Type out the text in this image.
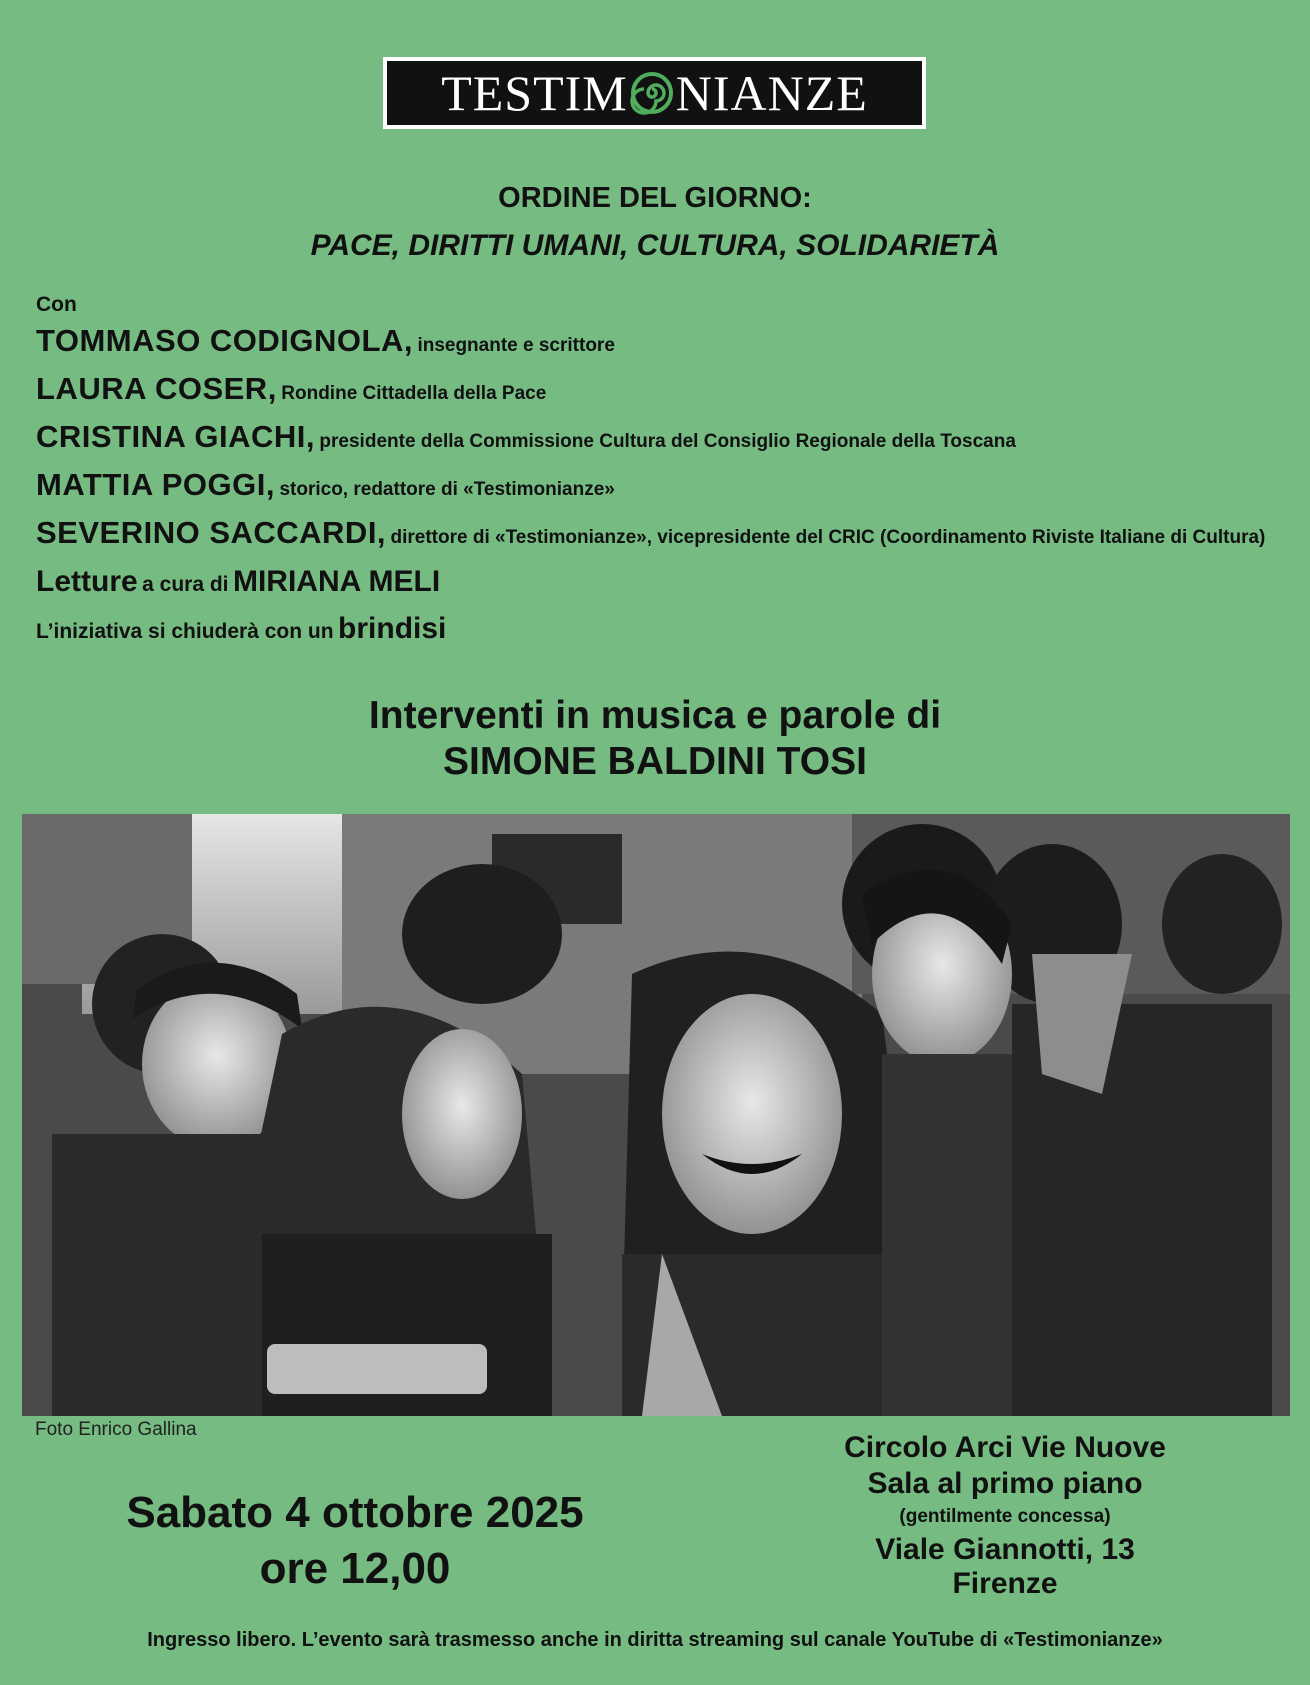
TESTIM NIANZE
ORDINE DEL GIORNO:
PACE, DIRITTI UMANI, CULTURA, SOLIDARIETÀ
Con
TOMMASO CODIGNOLA, insegnante e scrittore
LAURA COSER, Rondine Cittadella della Pace
CRISTINA GIACHI, presidente della Commissione Cultura del Consiglio Regionale della Toscana
MATTIA POGGI, storico, redattore di «Testimonianze»
SEVERINO SACCARDI, direttore di «Testimonianze», vicepresidente del CRIC (Coordinamento Riviste Italiane di Cultura)
Letture a cura di MIRIANA MELI
L’iniziativa si chiuderà con un brindisi
Interventi in musica e parole di
SIMONE BALDINI TOSI
Foto Enrico Gallina
Circolo Arci Vie Nuove
Sala al primo piano
(gentilmente concessa)
Viale Giannotti, 13
Firenze
Sabato 4 ottobre 2025
ore 12,00
Ingresso libero. L’evento sarà trasmesso anche in diritta streaming sul canale YouTube di «Testimonianze»
